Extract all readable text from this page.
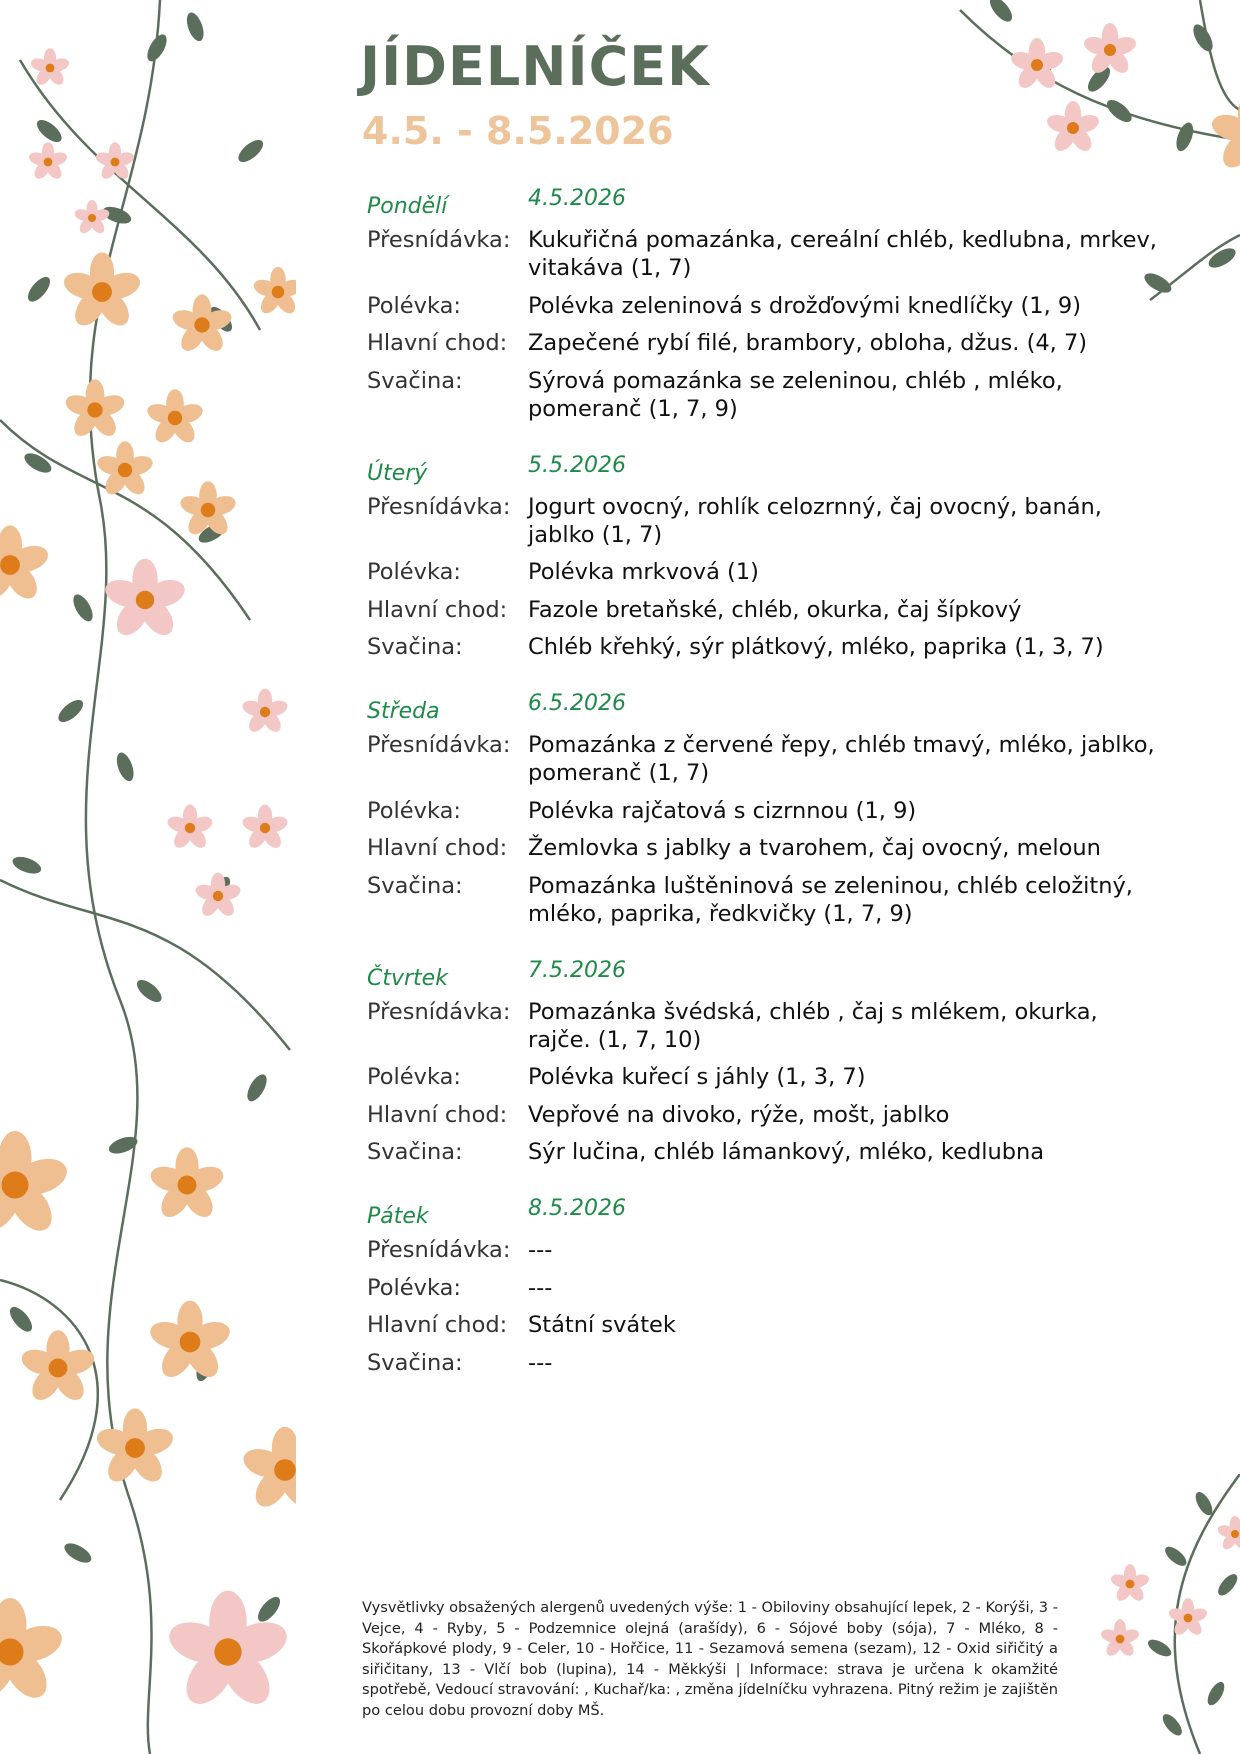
JÍDELNÍČEK
4.5. - 8.5.2026
Pondělí	4.5.2026
Přesnídávka: Kukuřičná pomazánka, cereální chléb, kedlubna, mrkev, vitakáva (1, 7)
Polévka:	Polévka zeleninová s drožďovými knedlíčky (1, 9)
Hlavní chod: Zapečené rybí filé, brambory, obloha, džus. (4, 7)
Svačina:	Sýrová pomazánka se zeleninou, chléb , mléko, pomeranč (1, 7, 9)
Úterý	5.5.2026
Přesnídávka: Jogurt ovocný, rohlík celozrnný, čaj ovocný, banán, jablko (1, 7)
Polévka:	Polévka mrkvová (1)
Hlavní chod: Fazole bretaňské, chléb, okurka, čaj šípkový
Svačina:	Chléb křehký, sýr plátkový, mléko, paprika (1, 3, 7)
Středa	6.5.2026
Přesnídávka: Pomazánka z červené řepy, chléb tmavý, mléko, jablko, pomeranč (1, 7)
Polévka:	Polévka rajčatová s cizrnnou (1, 9)
Hlavní chod: Žemlovka s jablky a tvarohem, čaj ovocný, meloun
Svačina:	Pomazánka luštěninová se zeleninou, chléb celožitný, mléko, paprika, ředkvičky (1, 7, 9)
Čtvrtek	7.5.2026
Přesnídávka: Pomazánka švédská, chléb , čaj s mlékem, okurka, rajče. (1, 7, 10)
Polévka:	Polévka kuřecí s jáhly (1, 3, 7)
Hlavní chod: Vepřové na divoko, rýže, mošt, jablko
Svačina:	Sýr lučina, chléb lámankový, mléko, kedlubna
Pátek	8.5.2026
Přesnídávka: ---
Polévka:	---
Hlavní chod: Státní svátek
Svačina:	---
Vysvětlivky obsažených alergenů uvedených výše: 1 - Obiloviny obsahující lepek, 2 - Korýši, 3 - Vejce, 4 - Ryby, 5 - Podzemnice olejná (arašídy), 6 - Sójové boby (sója), 7 - Mléko, 8 - Skořápkové plody, 9 - Celer, 10 - Hořčice, 11 - Sezamová semena (sezam), 12 - Oxid siřičitý a siřičitany, 13 - Vlčí bob (lupina), 14 - Měkkýši | Informace: strava je určena k okamžité spotřebě, Vedoucí stravování: , Kuchař/ka: , změna jídelníčku vyhrazena. Pitný režim je zajištěn po celou dobu provozní doby MŠ.
